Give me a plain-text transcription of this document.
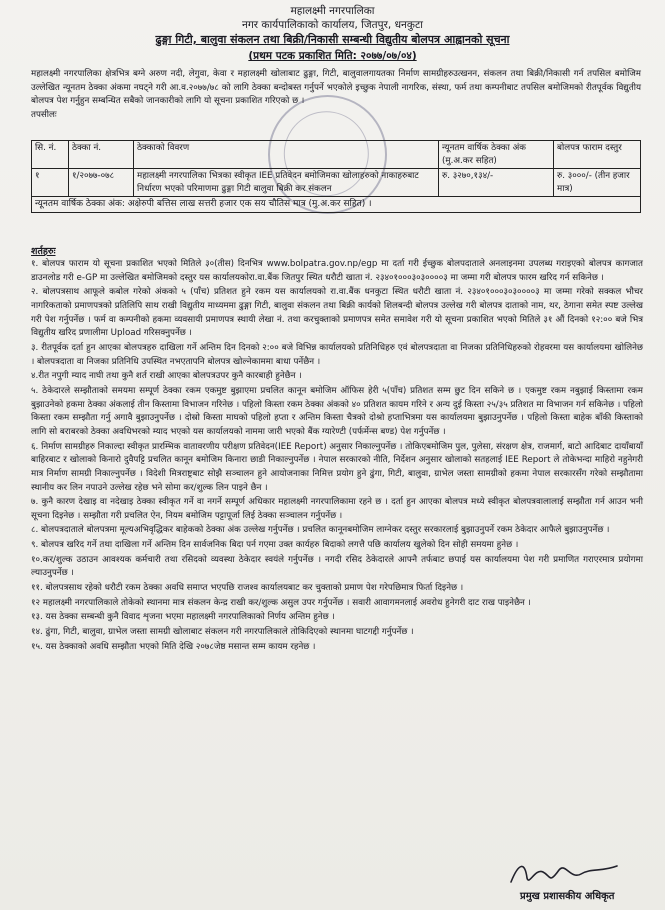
महालक्ष्मी नगरपालिका
नगर कार्यपालिकाको कार्यालय, जितपुर, धनकुटा
ढुङ्गा गिटी, बालुवा संकलन तथा बिक्री/निकासी सम्बन्धी विद्युतीय बोलपत्र आह्वानको सूचना
(प्रथम पटक प्रकाशित मिति: २०७७/०७/०४)
महालक्ष्मी नगरपालिका क्षेत्रभित्र बग्ने अरुण नदी, लेगुवा, केवा र महालक्ष्मी खोलाबाट ढुङ्गा, गिटी, बालुवालगायतका निर्माण सामग्रीहरुउत्खनन, संकलन तथा बिक्री/निकासी गर्न तपसिल बमोजिम उल्लेखित न्यूनतम ठेक्का अंकमा नघट्ने गरी आ.व.२०७७/७८ को लागि ठेक्का बन्दोबस्त गर्नुपर्ने भएकोले इच्छुक नेपाली नागरिक, संस्था, फर्म तथा कम्पनीबाट तपसिल बमोजिमको रीतपूर्वक विद्युतीय बोलपत्र पेश गर्नुहुन सम्बन्धित सबैको जानकारीको लागि यो सूचना प्रकाशित गरिएको छ ।
तपसीलः
सि. नं.	ठेक्का नं.	ठेक्काको विवरण	न्यूनतम वार्षिक ठेक्का अंक (मु.अ.कर सहित)	बोलपत्र फाराम दस्तुर
१	१/२०७७-०७८	महालक्ष्मी नगरपालिका भित्रका स्वीकृत IEE प्रतिवेदन बमोजिमका खोलाहरुको नाकाहरुबाट निर्धारण भएको परिमाणमा ढुङ्गा गिटी बालुवा बिक्री कर संकलन	रु. ३२७०,१३४/-	रु. ३०००/- (तीन हजार मात्र)
न्यूनतम वार्षिक ठेक्का अंक: अक्षेरुपी बत्तिस लाख सत्तरी हजार एक सय चौतिस मात्र (मु.अ.कर सहित) ।				
शर्तहरुः

१. बोलपत्र फाराम यो सूचना प्रकाशित भएको मितिले ३०(तीस) दिनभित्र www.bolpatra.gov.np/egp मा दर्ता गरी ईच्छुक बोलपदाताले अनलाइनमा उपलब्ध गराइएको बोलपत्र कागजात डाउनलोड गरी e-GP मा उल्लेखित बमोजिमको दस्तुर यस कार्यालयकोरा.वा.बैंक जितपुर स्थित धरौटी खाता नं. २३४०१०००३०३००००३ मा जम्मा गरी बोलपत्र फारम खरिद गर्न सकिनेछ ।

२. बोलपत्रसाथ आफूले कबोल गरेको अंकको ५ (पाँच) प्रतिशत हुने रकम यस कार्यालयको रा.वा.बैंक धनकुटा स्थित धरौटी खाता नं. २३४०१०००३०३००००३ मा जम्मा गरेको सक्कल भौचर नागरिकताको प्रमाणपत्रको प्रतिलिपि साथ राखी विद्युतीय माध्यममा ढुङ्गा गिटी, बालुवा संकलन तथा बिक्री कार्यको शिलबन्दी बोलपत्र उल्लेख गरी बोलपत्र दाताको नाम, थर, ठेगाना समेत स्पष्ट उल्लेख गरी पेश गर्नुपर्नेछ । फर्म वा कम्पनीको हकमा व्यवसायी प्रमाणपत्र स्थायी लेखा नं. तथा करचुक्ताको प्रमाणपत्र समेत समावेश गरी यो सूचना प्रकाशित भएको मितिले ३१ औं दिनको १२:०० बजे भित्र विद्युतीय खरिद प्रणालीमा Upload गरिसक्नुपर्नेछ ।

३. रीतपूर्वक दर्ता हुन आएका बोलपत्रहरु दाखिला गर्ने अन्तिम दिन दिनको २:०० बजे विभिन्न कार्यालयको प्रतिनिधिहरु एवं बोलपत्रदाता वा निजका प्रतिनिधिहरुको रोहवरमा यस कार्यालयमा खोलिनेछ । बोलपत्रदाता वा निजका प्रतिनिधि उपस्थित नभएतापनि बोलपत्र खोल्नेकाममा बाधा पर्नेछैन ।

४.रीत नपुगी म्याद नाघी तथा कुनै शर्त राखी आएका बोलपत्रउपर कुनै कारबाही हुनेछैन ।

५. ठेकेदारले सम्झौताको समयमा सम्पूर्ण ठेक्का रकम एकमुष्ट बुझाएमा प्रचलित कानून बमोजिम ऑफिस हेरी ५(पाँच) प्रतिशत सम्म छुट दिन सकिने छ । एकमुष्ट रकम नबुझाई किस्तामा रकम बुझाउनेको हकमा ठेक्का अंकलाई तीन किस्तामा विभाजन गरिनेछ । पहिलो किस्ता रकम ठेक्का अंकको ४० प्रतिशत कायम गरिने र अन्य दुई किस्ता २५/३५ प्रतिशत मा विभाजन गर्न सकिनेछ । पहिलो किस्ता रकम सम्झौता गर्नु अगावै बुझाउनुपर्नेछ । दोस्रो किस्ता माघको पहिलो हप्ता र अन्तिम किस्ता चैत्रको दोश्रो हप्ताभित्रमा यस कार्यालयमा बुझाउनुपर्नेछ । पहिलो किस्ता बाहेक बाँकी किस्ताको लागि सो बराबरको ठेक्का अवधिभरको म्याद भएको यस कार्यालयको नाममा जारी भएको बैंक ग्यारेण्टी (पर्फर्मेन्स बण्ड) पेश गर्नुपर्नेछ ।

६. निर्माण सामग्रीहरु निकाल्दा स्वीकृत प्रारम्भिक वातावरणीय परीक्षण प्रतिवेदन(IEE Report) अनुसार निकाल्नुपर्नेछ । तोकिएबमोजिम पुल, पुलेसा, संरक्षण क्षेत्र, राजमार्ग, बाटो आदिबाट दायाँबायाँ बाहिरबाट र खोलाको किनारो दुवैपट्टि प्रचलित कानून बमोजिम किनारा छाडी निकाल्नुपर्नेछ । नेपाल सरकारको नीति, निर्देशन अनुसार खोलाको सतहलाई IEE Report ले तोकेभन्दा माहिरो नहुनेगरी मात्र निर्माण सामग्री निकाल्नुपर्नेछ । विदेशी मित्रराष्ट्रबाट सोझै सञ्चालन हुने आयोजनाका निमित्त प्रयोग हुने ढुंगा, गिटी, बालुवा, ग्राभेल जस्ता सामग्रीको हकमा नेपाल सरकारसँग गरेको सम्झौतामा स्थानीय कर लिन नपाउने उल्लेख रहेछ भने सोमा कर/शुल्क लिन पाइने छैन ।

७. कुनै कारण देखाइ वा नदेखाइ ठेक्का स्वीकृत गर्ने वा नगर्ने सम्पूर्ण अधिकार महालक्ष्मी नगरपालिकामा रहने छ । दर्ता हुन आएका बोलपत्र मध्ये स्वीकृत बोलपत्रवालालाई सम्झौता गर्न आउन भनी सूचना दिइनेछ । सम्झौता गरी प्रचलित ऐन, नियम बमोजिम पट्टापूर्जा लिई ठेक्का सञ्चालन गर्नुपर्नेछ ।

८. बोलपत्रदाताले बोलपत्रमा मूल्यअभिवृद्धिकर बाहेकको ठेक्का अंक उल्लेख गर्नुपर्नेछ । प्रचलित कानूनबमोजिम लाग्नेकर दस्तुर सरकारलाई बुझाउनुपर्ने रकम ठेकेदार आफैले बुझाउनुपर्नेछ ।

९. बोलपत्र खरिद गर्ने तथा दाखिला गर्ने अन्तिम दिन सार्वजनिक बिदा पर्न गएमा उक्त कार्यहरु बिदाको लगत्तै पछि कार्यालय खुलेको दिन सोही समयमा हुनेछ ।

१०.कर/शुल्क उठाउन आवश्यक कर्मचारी तथा रसिदको व्यवस्था ठेकेदार स्वयंले गर्नुपर्नेछ । नगदी रसिद ठेकेदारले आफ्नै तर्फबाट छपाई यस कार्यालयमा पेश गरी प्रमाणित गराएरमात्र प्रयोगमा ल्याउनुपर्नेछ ।

११. बोलपत्रसाथ रहेको धरौटी रकम ठेक्का अवधि समाप्त भएपछि राजश्व कार्यालयबाट कर चुक्ताको प्रमाण पेश गरेपछिमात्र फिर्ता दिइनेछ ।

१२ महालक्ष्मी नगरपालिकाले तोकेको स्थानमा मात्र संकलन केन्द्र राखी कर/शुल्क असुल उपर गर्नुपर्नेछ । सवारी आवागमनलाई अवरोध हुनेगरी दाट राख पाइनेछैन ।

१३. यस ठेक्का सम्बन्धी कुनै विवाद शृजना भएमा महालक्ष्मी नगरपालिकाको निर्णय अन्तिम हुनेछ ।

१४. ढुंगा, गिटी, बालुवा, ग्राभेल जस्ता सामग्री खोलाबाट संकलन गरी नगरपालिकाले तोकिदिएको स्थानमा घाटगद्दी गर्नुपर्नेछ ।

१५. यस ठेक्काको अवधि सम्झौता भएको मिति देखि २०७८जेष्ठ मसान्त सम्म कायम रहनेछ ।

प्रमुख प्रशासकीय अधिकृत
